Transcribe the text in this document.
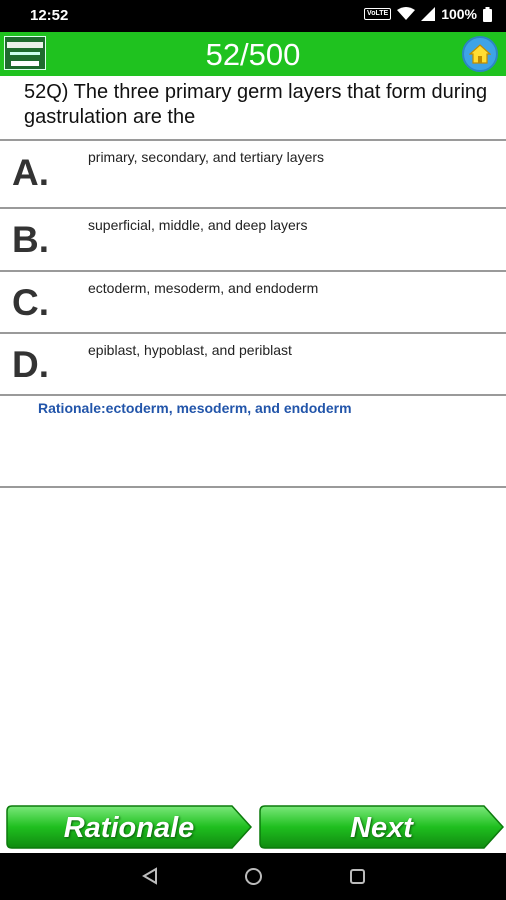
12:52	VoLTE	100%
52/500
52Q) The three primary germ layers that form during gastrulation are the
A.	primary, secondary, and tertiary layers
B.	superficial, middle, and deep layers
C.	ectoderm, mesoderm, and endoderm
D.	epiblast, hypoblast, and periblast
Rationale:ectoderm, mesoderm, and endoderm
Rationale	Next
